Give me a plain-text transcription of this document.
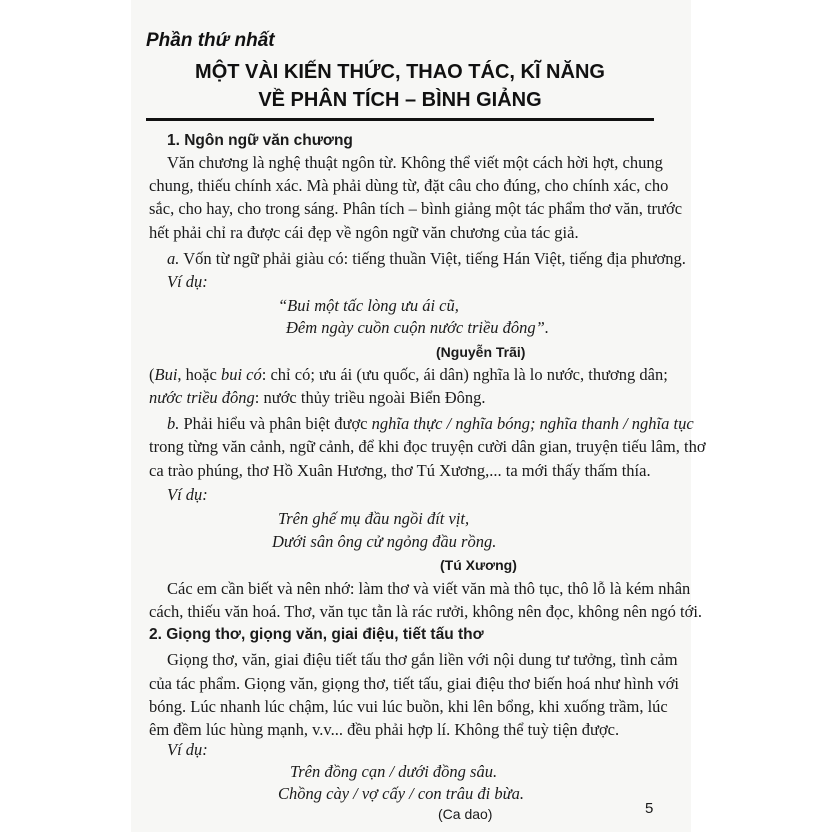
Phần thứ nhất
MỘT VÀI KIẾN THỨC, THAO TÁC, KĨ NĂNG
VỀ PHÂN TÍCH – BÌNH GIẢNG
1. Ngôn ngữ văn chương
Văn chương là nghệ thuật ngôn từ. Không thể viết một cách hời hợt, chung
chung, thiếu chính xác. Mà phải dùng từ, đặt câu cho đúng, cho chính xác, cho
sắc, cho hay, cho trong sáng. Phân tích – bình giảng một tác phẩm thơ văn, trước
hết phải chỉ ra được cái đẹp về ngôn ngữ văn chương của tác giả.
a. Vốn từ ngữ phải giàu có: tiếng thuần Việt, tiếng Hán Việt, tiếng địa phương.
Ví dụ:
“Bui một tấc lòng ưu ái cũ,
Đêm ngày cuồn cuộn nước triều đông”.
(Nguyễn Trãi)
(Bui, hoặc bui có: chỉ có; ưu ái (ưu quốc, ái dân) nghĩa là lo nước, thương dân;
nước triều đông: nước thủy triều ngoài Biển Đông.
b. Phải hiểu và phân biệt được nghĩa thực / nghĩa bóng; nghĩa thanh / nghĩa tục
trong từng văn cảnh, ngữ cảnh, để khi đọc truyện cười dân gian, truyện tiếu lâm, thơ
ca trào phúng, thơ Hồ Xuân Hương, thơ Tú Xương,... ta mới thấy thấm thía.
Ví dụ:
Trên ghế mụ đầu ngồi đít vịt,
Dưới sân ông cử ngỏng đầu rồng.
(Tú Xương)
Các em cần biết và nên nhớ: làm thơ và viết văn mà thô tục, thô lỗ là kém nhân
cách, thiếu văn hoá. Thơ, văn tục tằn là rác rưởi, không nên đọc, không nên ngó tới.
2. Giọng thơ, giọng văn, giai điệu, tiết tấu thơ
Giọng thơ, văn, giai điệu tiết tấu thơ gắn liền với nội dung tư tưởng, tình cảm
của tác phẩm. Giọng văn, giọng thơ, tiết tấu, giai điệu thơ biến hoá như hình với
bóng. Lúc nhanh lúc chậm, lúc vui lúc buồn, khi lên bổng, khi xuống trầm, lúc
êm đềm lúc hùng mạnh, v.v... đều phải hợp lí. Không thể tuỳ tiện được.
Ví dụ:
5
Trên đồng cạn / dưới đồng sâu.
Chồng cày / vợ cấy / con trâu đi bừa.
(Ca dao)
